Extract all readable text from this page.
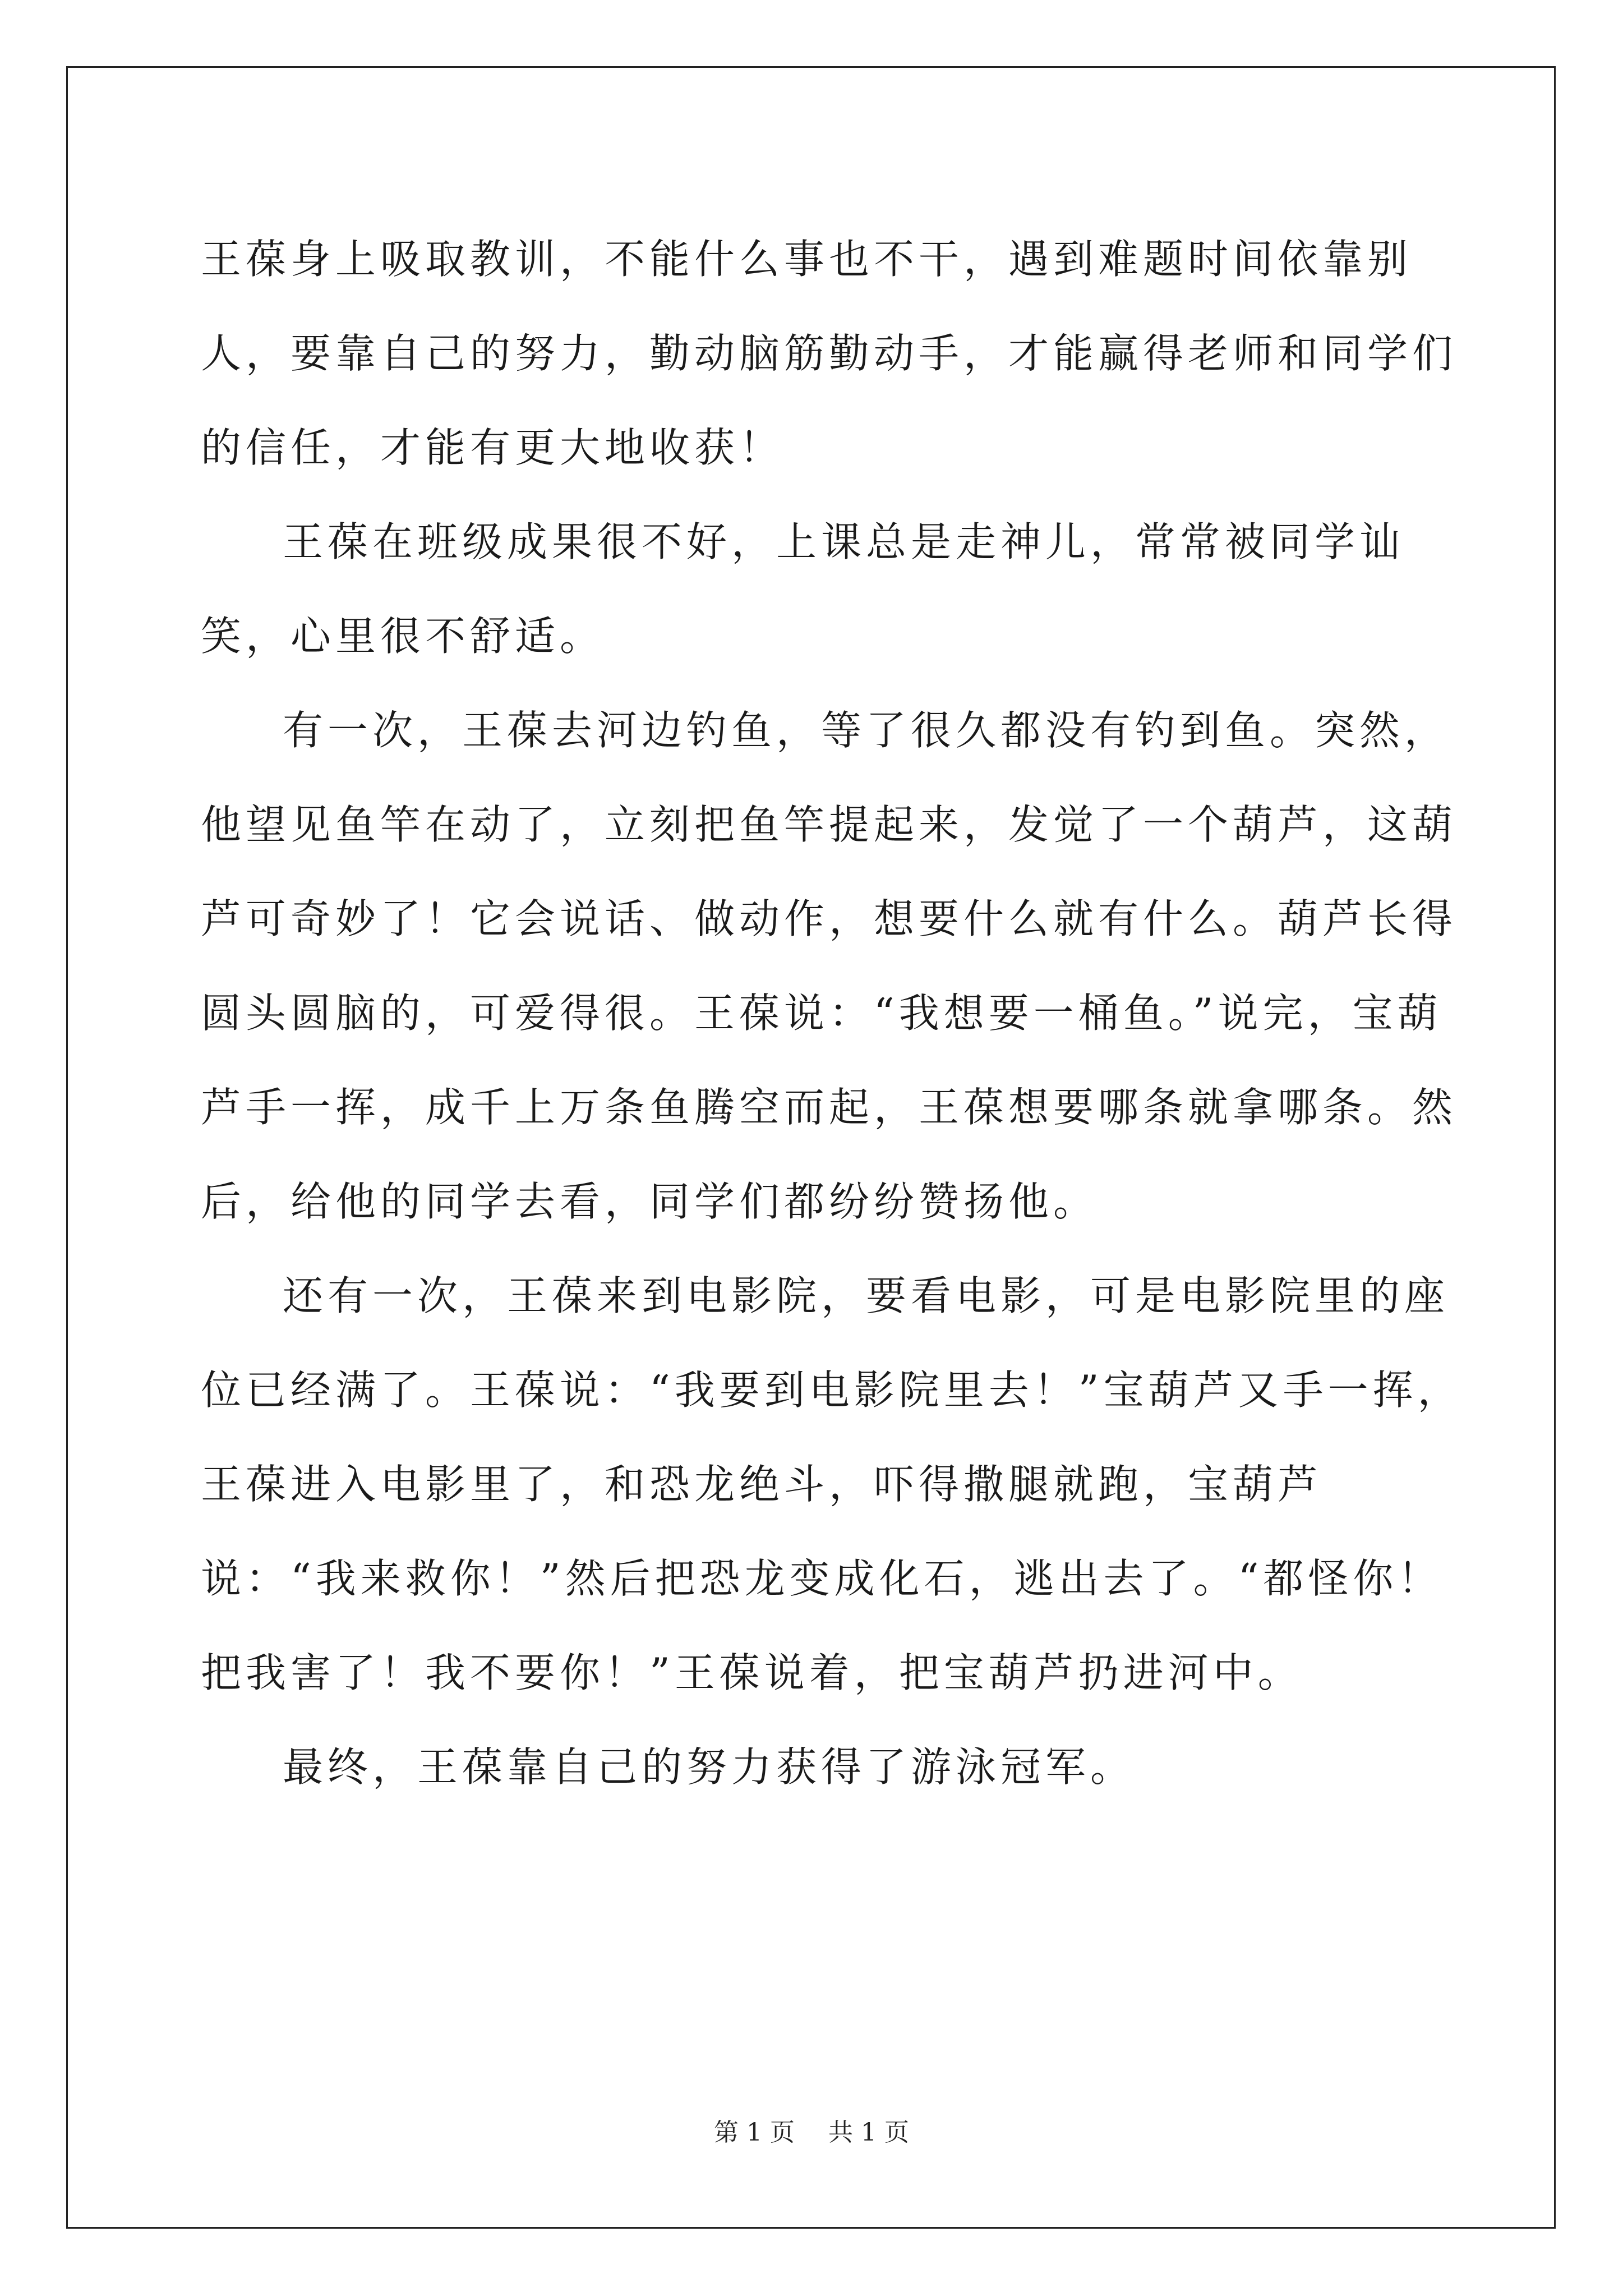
王葆身上吸取教训，不能什么事也不干，遇到难题时间依靠别人，要靠自己的努力，勤动脑筋勤动手，才能赢得老师和同学们的信任，才能有更大地收获！

王葆在班级成果很不好，上课总是走神儿，常常被同学讪笑，心里很不舒适。

有一次，王葆去河边钓鱼，等了很久都没有钓到鱼。突然，他望见鱼竿在动了，立刻把鱼竿提起来，发觉了一个葫芦，这葫芦可奇妙了！它会说话、做动作，想要什么就有什么。葫芦长得圆头圆脑的，可爱得很。王葆说：“我想要一桶鱼。”说完，宝葫芦手一挥，成千上万条鱼腾空而起，王葆想要哪条就拿哪条。然后，给他的同学去看，同学们都纷纷赞扬他。

还有一次，王葆来到电影院，要看电影，可是电影院里的座位已经满了。王葆说：“我要到电影院里去！”宝葫芦又手一挥，王葆进入电影里了，和恐龙绝斗，吓得撒腿就跑，宝葫芦说：“我来救你！”然后把恐龙变成化石，逃出去了。“都怪你！把我害了！我不要你！”王葆说着，把宝葫芦扔进河中。

最终，王葆靠自己的努力获得了游泳冠军。

第 1 页 共 1 页
